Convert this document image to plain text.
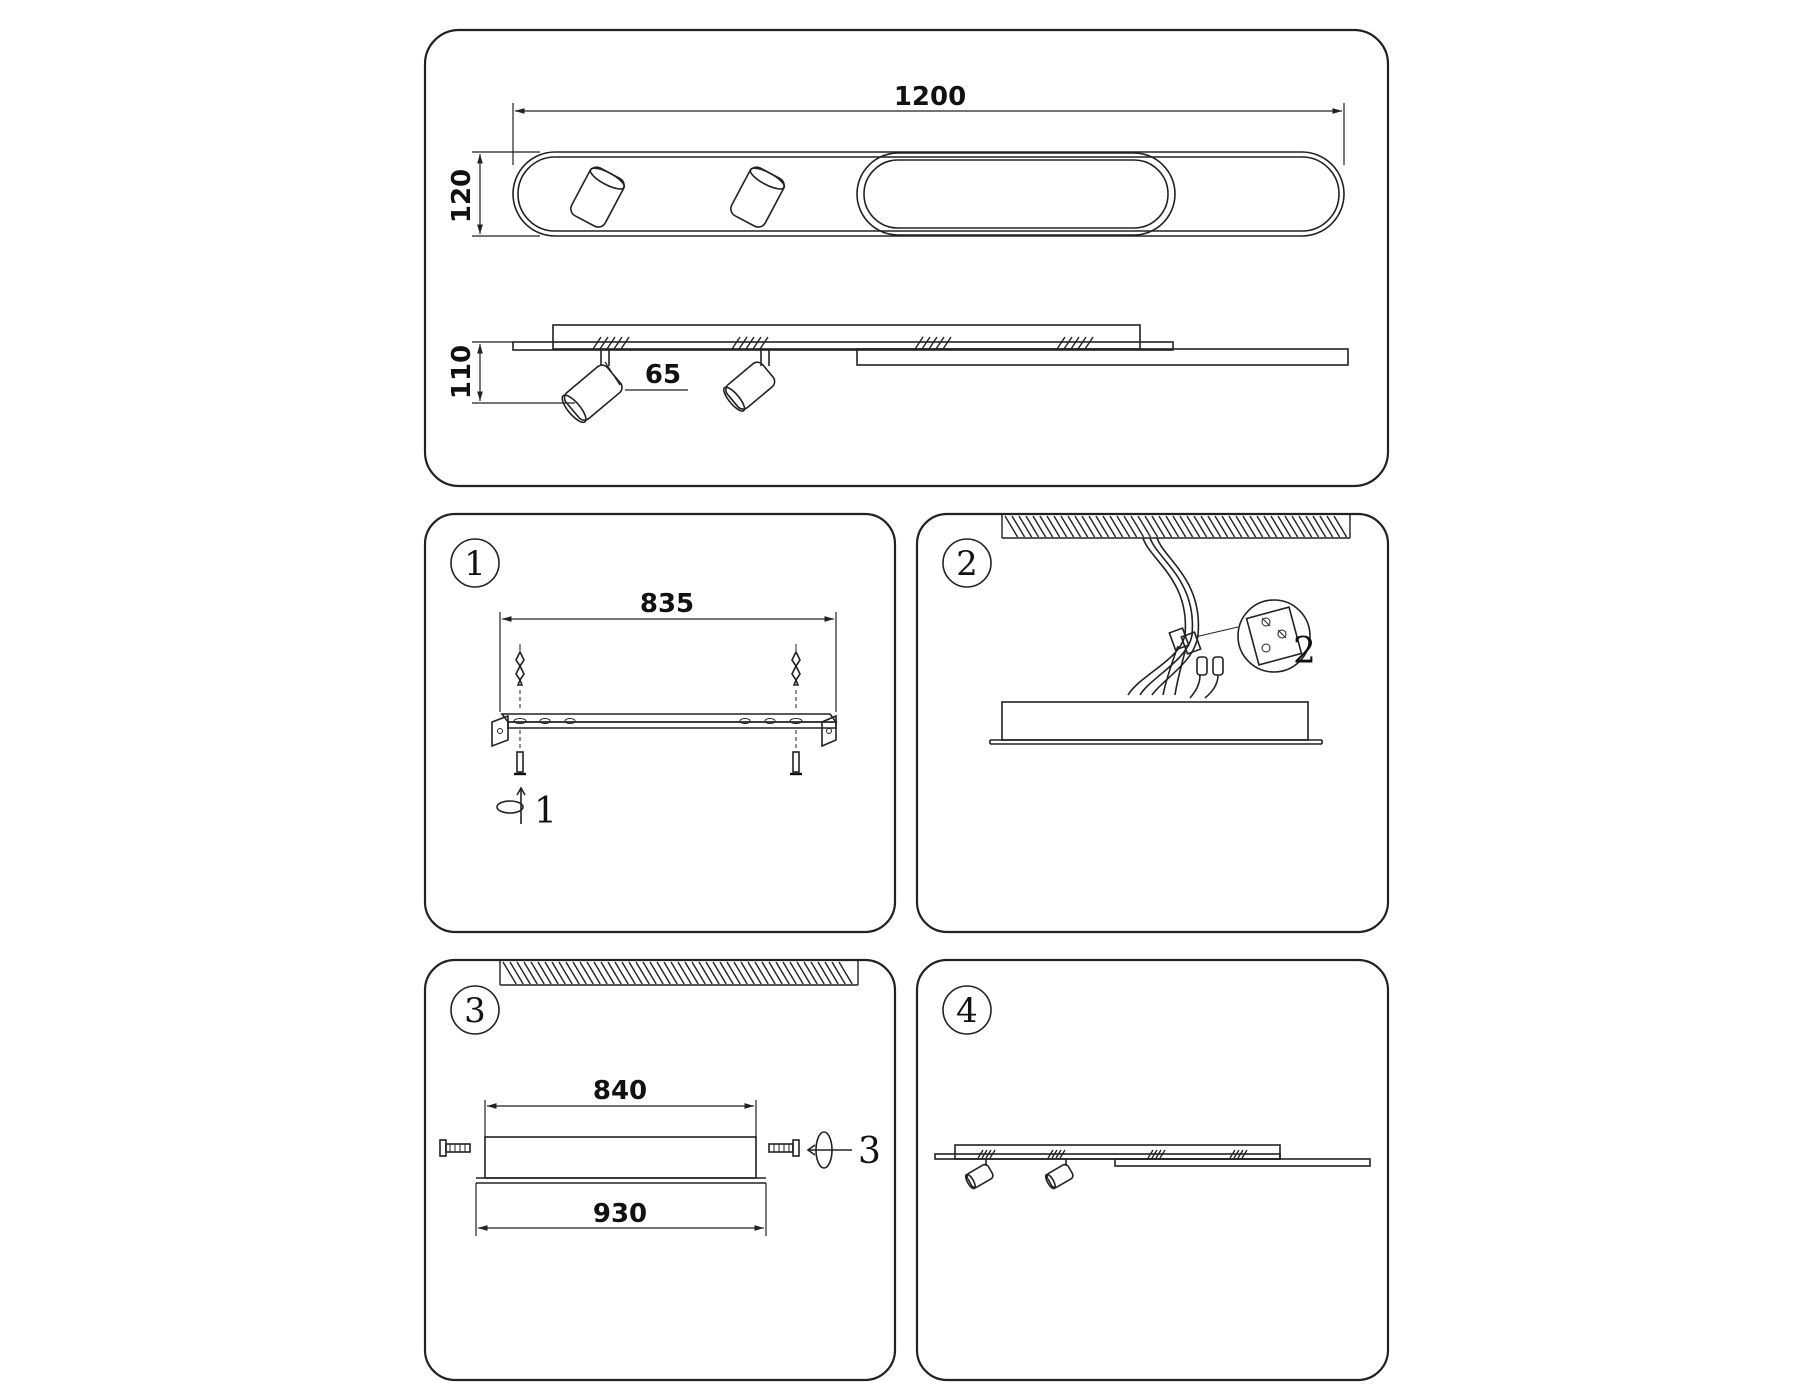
1200
120
110	65
1
835
1
2
2
3
840
930
3
4
